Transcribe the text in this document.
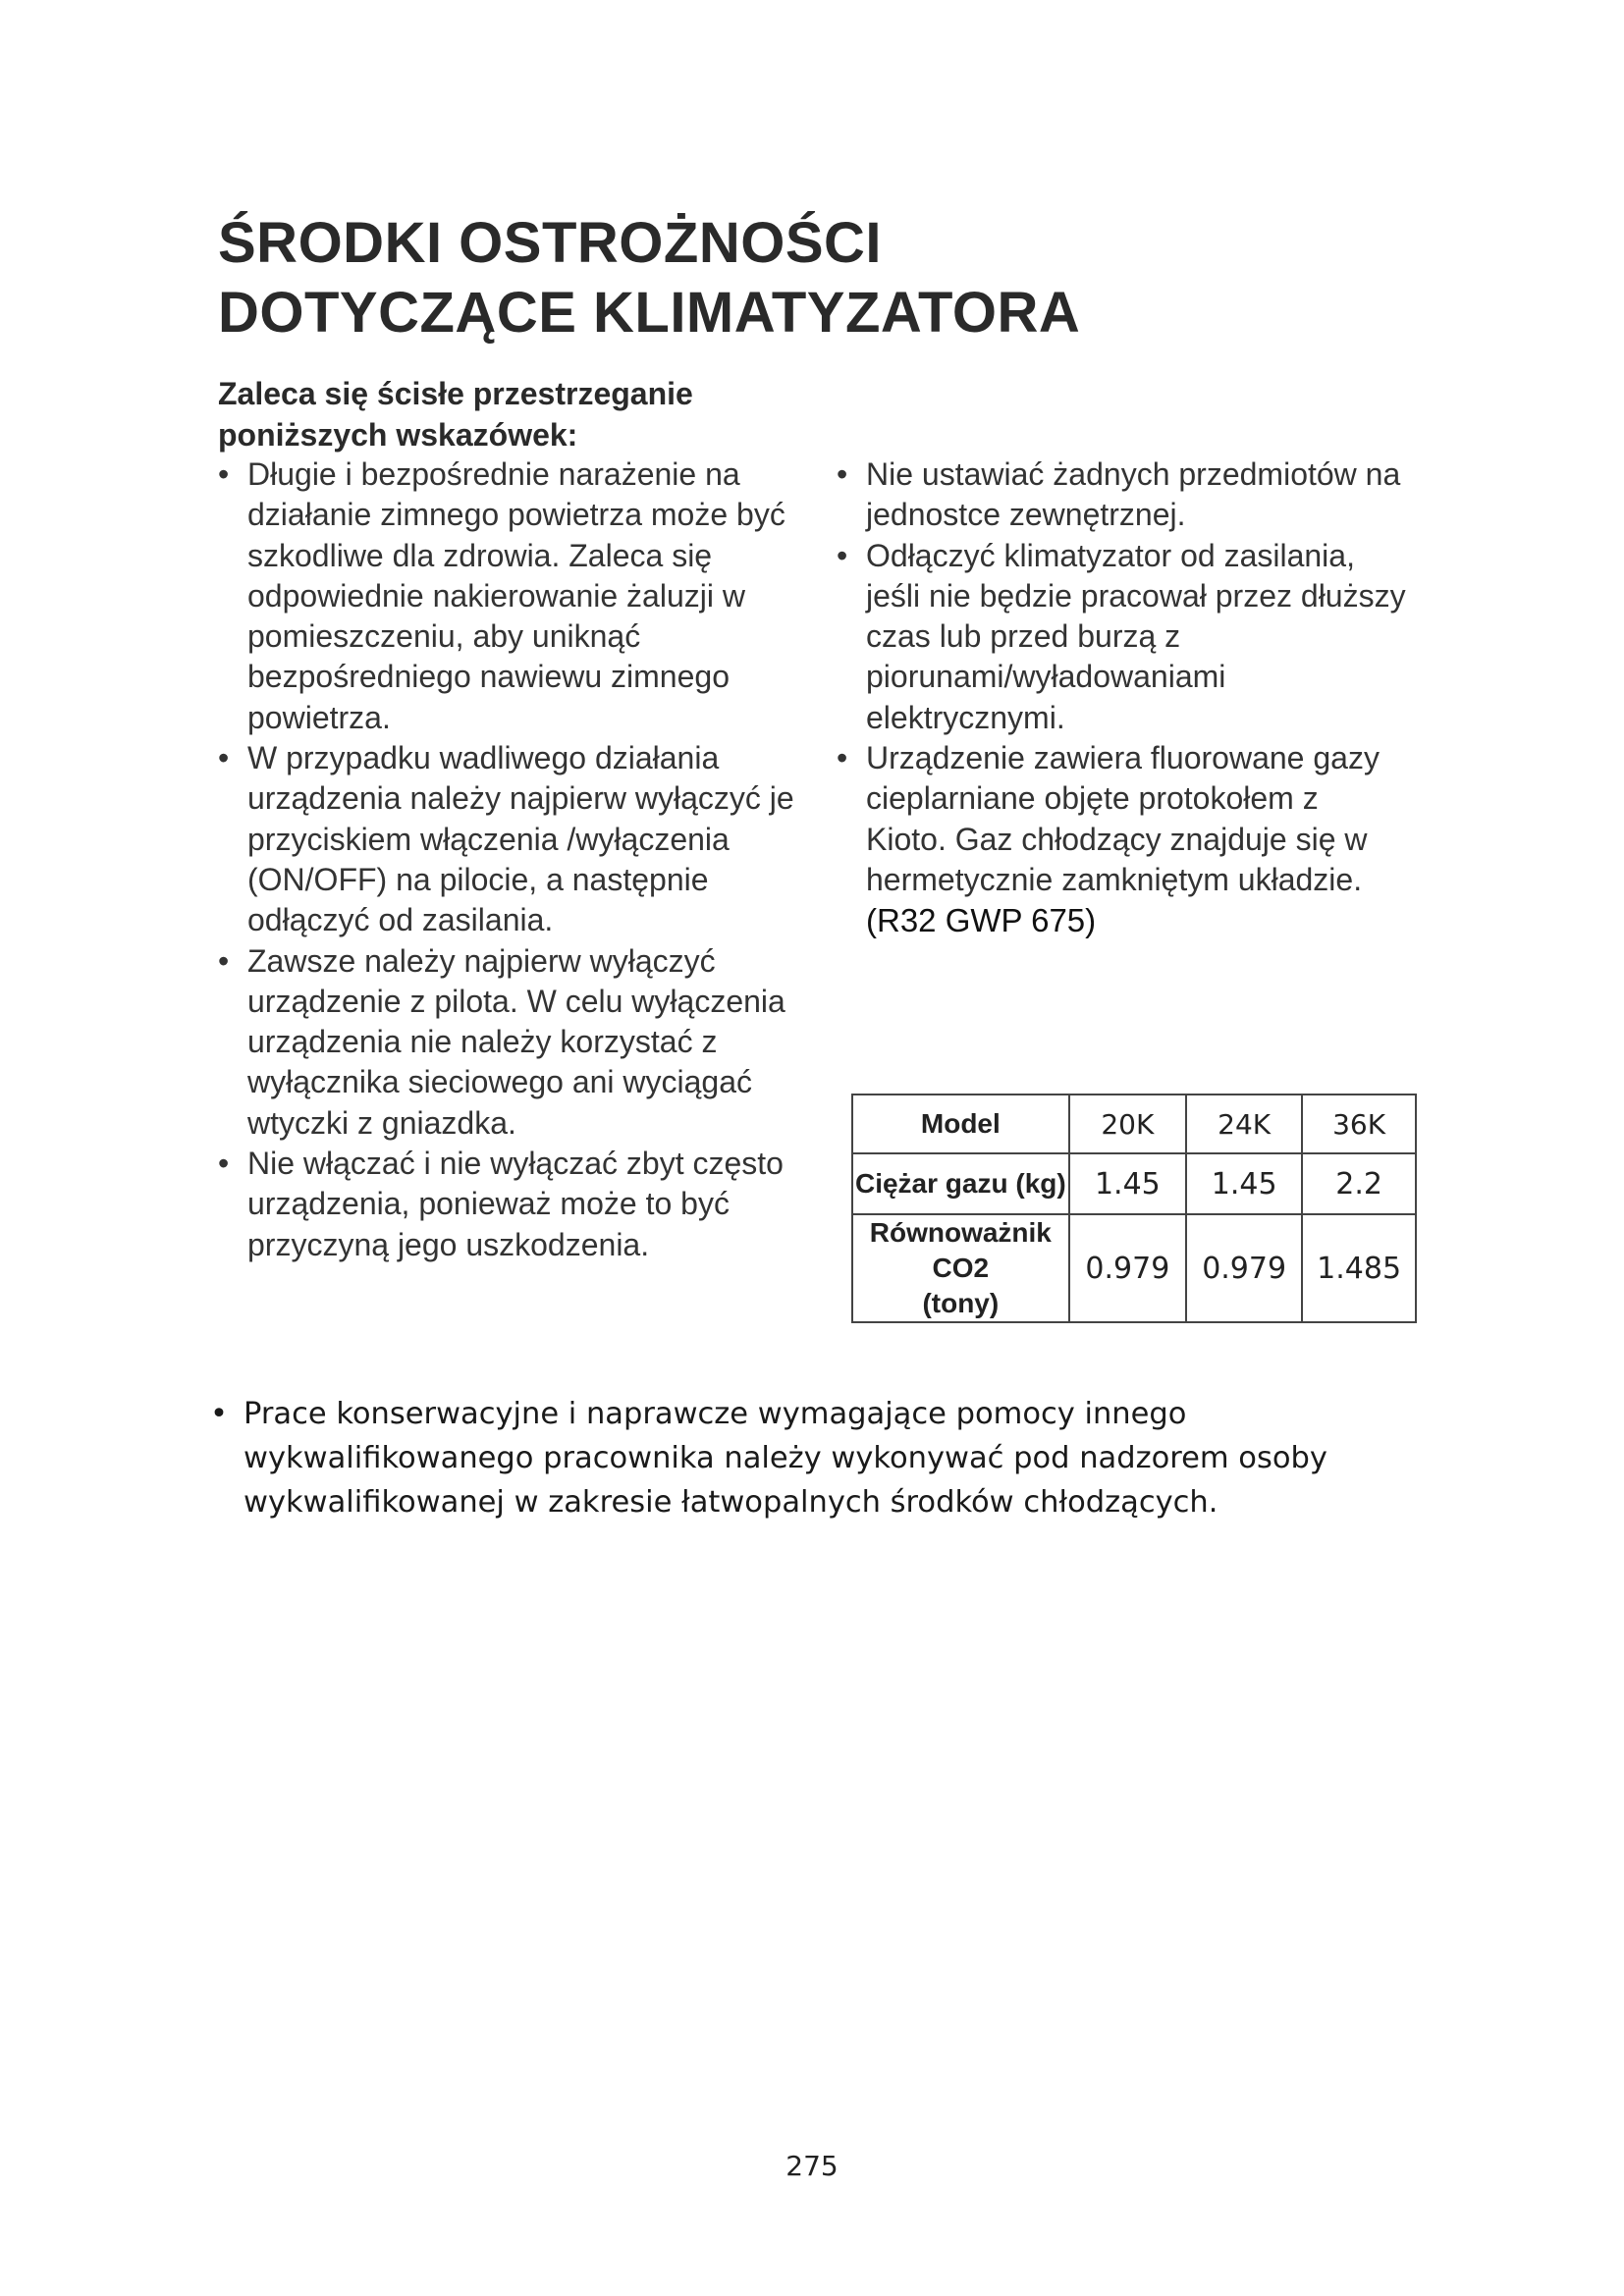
ŚRODKI OSTROŻNOŚCI
DOTYCZĄCE KLIMATYZATORA

Zaleca się ścisłe przestrzeganie
poniższych wskazówek:

• Długie i bezpośrednie narażenie na działanie zimnego powietrza może być szkodliwe dla zdrowia. Zaleca się odpowiednie nakierowanie żaluzji w pomieszczeniu, aby uniknąć bezpośredniego nawiewu zimnego powietrza.
• W przypadku wadliwego działania urządzenia należy najpierw wyłączyć je przyciskiem włączenia /wyłączenia (ON/OFF) na pilocie, a następnie odłączyć od zasilania.
• Zawsze należy najpierw wyłączyć urządzenie z pilota. W celu wyłączenia urządzenia nie należy korzystać z wyłącznika sieciowego ani wyciągać wtyczki z gniazdka.
• Nie włączać i nie wyłączać zbyt często urządzenia, ponieważ może to być przyczyną jego uszkodzenia.
• Nie ustawiać żadnych przedmiotów na jednostce zewnętrznej.
• Odłączyć klimatyzator od zasilania, jeśli nie będzie pracował przez dłuższy czas lub przed burzą z piorunami/wyładowaniami elektrycznymi.
• Urządzenie zawiera fluorowane gazy cieplarniane objęte protokołem z Kioto. Gaz chłodzący znajduje się w hermetycznie zamkniętym układzie. (R32 GWP 675)
Model	20K	24K	36K
Ciężar gazu (kg)	1.45	1.45	2.2
Równoważnik CO2
(tony)	0.979	0.979	1.485

• Prace konserwacyjne i naprawcze wymagające pomocy innego wykwalifikowanego pracownika należy wykonywać pod nadzorem osoby wykwalifikowanej w zakresie łatwopalnych środków chłodzących.

275
